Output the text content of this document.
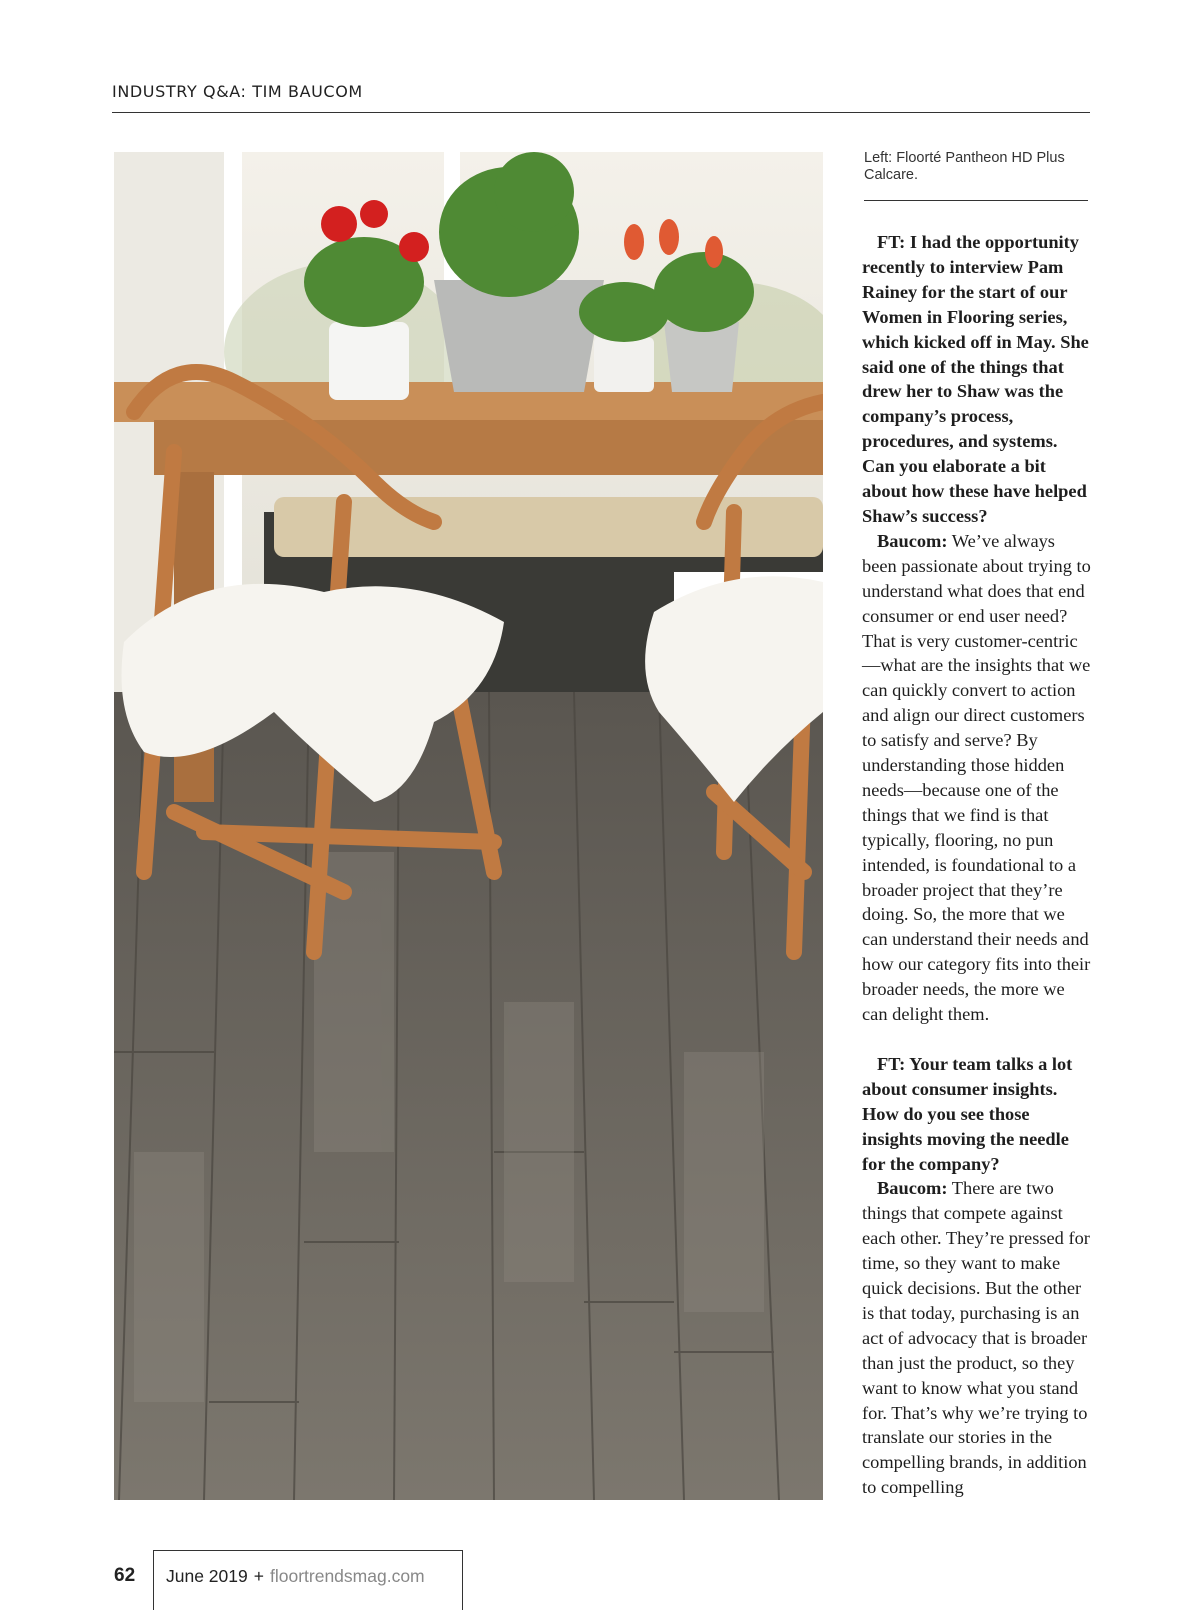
INDUSTRY Q&A: TIM BAUCOM
Left: Floorté Pantheon HD Plus Calcare.

FT: I had the opportunity recently to interview Pam Rainey for the start of our Women in Flooring series, which kicked off in May. She said one of the things that drew her to Shaw was the company’s process, procedures, and systems. Can you elaborate a bit about how these have helped Shaw’s success?

Baucom: We’ve always been passionate about trying to understand what does that end consumer or end user need? That is very customer-centric—what are the insights that we can quickly convert to action and align our direct customers to satisfy and serve? By understanding those hidden needs—because one of the things that we find is that typically, flooring, no pun intended, is foundational to a broader project that they’re doing. So, the more that we can understand their needs and how our category fits into their broader needs, the more we can delight them.

FT: Your team talks a lot about consumer insights. How do you see those insights moving the needle for the company?

Baucom: There are two things that compete against each other. They’re pressed for time, so they want to make quick decisions. But the other is that today, purchasing is an act of advocacy that is broader than just the product, so they want to know what you stand for. That’s why we’re trying to translate our stories in the compelling brands, in addition to compelling

62 June 2019 + floortrendsmag.com
